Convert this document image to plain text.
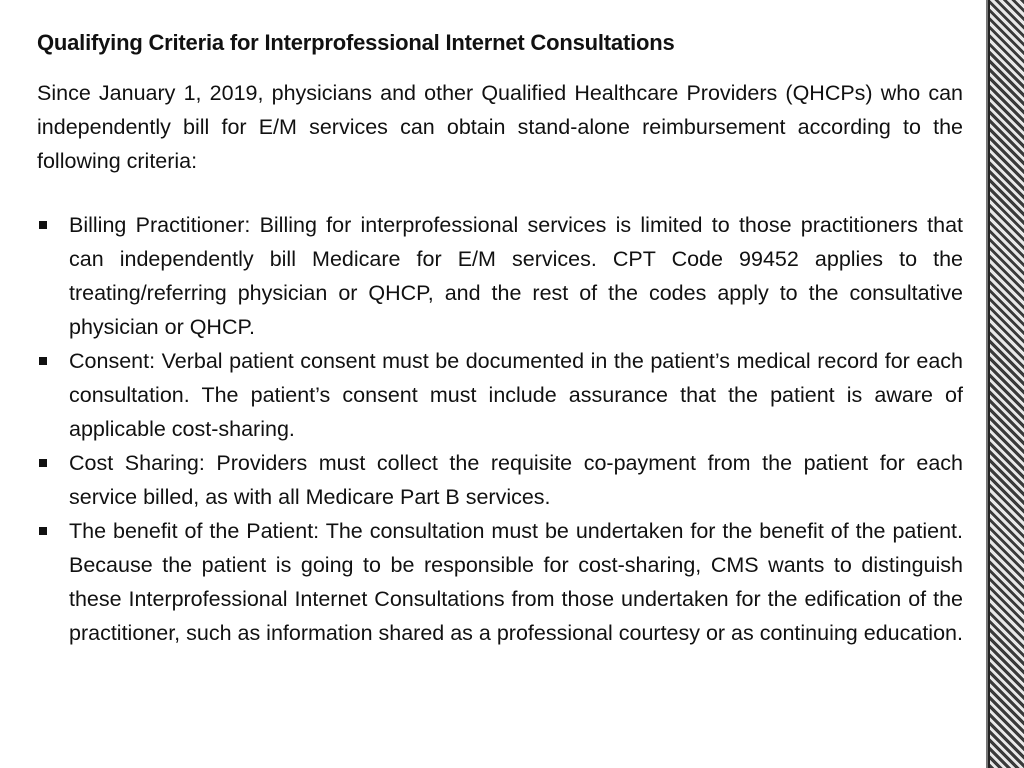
Qualifying Criteria for Interprofessional Internet Consultations
Since January 1, 2019, physicians and other Qualified Healthcare Providers (QHCPs) who can independently bill for E/M services can obtain stand-alone reimbursement according to the following criteria:
Billing Practitioner: Billing for interprofessional services is limited to those practitioners that can independently bill Medicare for E/M services. CPT Code 99452 applies to the treating/referring physician or QHCP, and the rest of the codes apply to the consultative physician or QHCP.
Consent: Verbal patient consent must be documented in the patient’s medical record for each consultation. The patient’s consent must include assurance that the patient is aware of applicable cost-sharing.
Cost Sharing: Providers must collect the requisite co-payment from the patient for each service billed, as with all Medicare Part B services.
The benefit of the Patient: The consultation must be undertaken for the benefit of the patient. Because the patient is going to be responsible for cost-sharing, CMS wants to distinguish these Interprofessional Internet Consultations from those undertaken for the edification of the practitioner, such as information shared as a professional courtesy or as continuing education.
